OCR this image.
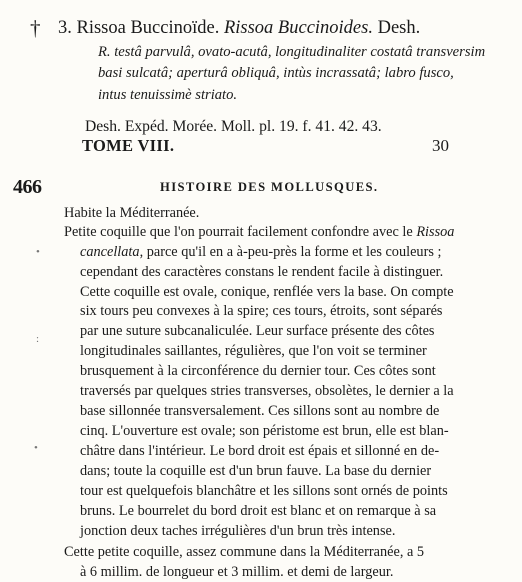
† 3. Rissoa Buccinoïde. Rissoa Buccinoides. Desh.
R. testâ parvulâ, ovato-acutâ, longitudinaliter costatâ transversim
basi sulcatâ; aperturâ obliquâ, intùs incrassatâ; labro fusco,
intus tenuissimè striato.
Desh. Expéd. Morée. Moll. pl. 19. f. 41. 42. 43.
TOME VIII.	30
466	HISTOIRE DES MOLLUSQUES.
Habite la Méditerranée.
Petite coquille que l'on pourrait facilement confondre avec le Rissoa
cancellata, parce qu'il en a à-peu-près la forme et les couleurs ;
cependant des caractères constans le rendent facile à distinguer.
Cette coquille est ovale, conique, renflée vers la base. On compte
six tours peu convexes à la spire; ces tours, étroits, sont séparés
par une suture subcanaliculée. Leur surface présente des côtes
longitudinales saillantes, régulières, que l'on voit se terminer
brusquement à la circonférence du dernier tour. Ces côtes sont
traversés par quelques stries transverses, obsolètes, le dernier a la
base sillonnée transversalement. Ces sillons sont au nombre de
cinq. L'ouverture est ovale; son péristome est brun, elle est blan-
châtre dans l'intérieur. Le bord droit est épais et sillonné en de-
dans; toute la coquille est d'un brun fauve. La base du dernier
tour est quelquefois blanchâtre et les sillons sont ornés de points
bruns. Le bourrelet du bord droit est blanc et on remarque à sa
jonction deux taches irrégulières d'un brun très intense.
Cette petite coquille, assez commune dans la Méditerranée, a 5
à 6 millim. de longueur et 3 millim. et demi de largeur.
•
:
•
